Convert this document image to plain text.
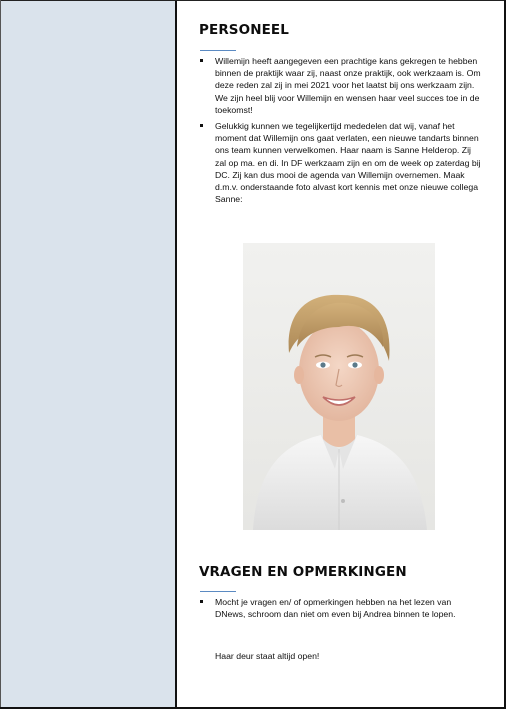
PERSONEEL
Willemijn heeft aangegeven een prachtige kans gekregen te hebben binnen de praktijk waar zij, naast onze praktijk, ook werkzaam is. Om deze reden zal zij in mei 2021 voor het laatst bij ons werkzaam zijn. We zijn heel blij voor Willemijn en wensen haar veel succes toe in de toekomst!
Gelukkig kunnen we tegelijkertijd mededelen dat wij, vanaf het moment dat Willemijn ons gaat verlaten, een nieuwe tandarts binnen ons team kunnen verwelkomen. Haar naam is Sanne Helderop. Zij zal op ma. en di. In DF werkzaam zijn en om de week op zaterdag bij DC. Zij kan dus mooi de agenda van Willemijn overnemen. Maak d.m.v. onderstaande foto alvast kort kennis met onze nieuwe collega Sanne:
VRAGEN EN OPMERKINGEN
Mocht je vragen en/ of opmerkingen hebben na het lezen van DNews, schroom dan niet om even bij Andrea binnen te lopen.

Haar deur staat altijd open!
